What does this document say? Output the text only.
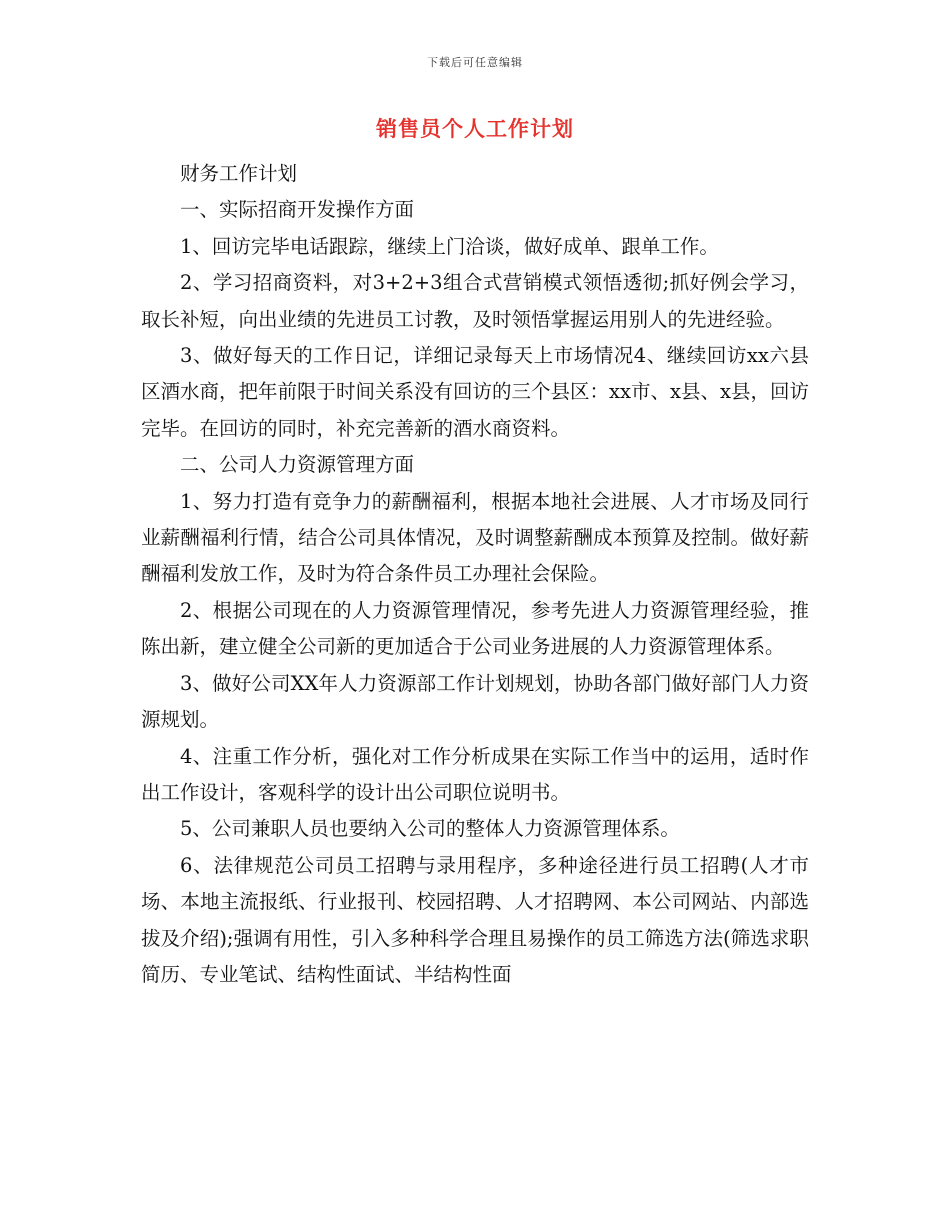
下载后可任意编辑
销售员个人工作计划

财务工作计划

一、实际招商开发操作方面

1、回访完毕电话跟踪，继续上门洽谈，做好成单、跟单工作。

2、学习招商资料，对3+2+3组合式营销模式领悟透彻;抓好例会学习，取长补短，向出业绩的先进员工讨教，及时领悟掌握运用别人的先进经验。

3、做好每天的工作日记，详细记录每天上市场情况4、继续回访xx六县区酒水商，把年前限于时间关系没有回访的三个县区：xx市、x县、x县，回访完毕。在回访的同时，补充完善新的酒水商资料。

二、公司人力资源管理方面

1、努力打造有竞争力的薪酬福利，根据本地社会进展、人才市场及同行业薪酬福利行情，结合公司具体情况，及时调整薪酬成本预算及控制。做好薪酬福利发放工作，及时为符合条件员工办理社会保险。

2、根据公司现在的人力资源管理情况，参考先进人力资源管理经验，推陈出新，建立健全公司新的更加适合于公司业务进展的人力资源管理体系。

3、做好公司XX年人力资源部工作计划规划，协助各部门做好部门人力资源规划。

4、注重工作分析，强化对工作分析成果在实际工作当中的运用，适时作出工作设计，客观科学的设计出公司职位说明书。

5、公司兼职人员也要纳入公司的整体人力资源管理体系。

6、法律规范公司员工招聘与录用程序，多种途径进行员工招聘(人才市场、本地主流报纸、行业报刊、校园招聘、人才招聘网、本公司网站、内部选拔及介绍);强调有用性，引入多种科学合理且易操作的员工筛选方法(筛选求职简历、专业笔试、结构性面试、半结构性面
